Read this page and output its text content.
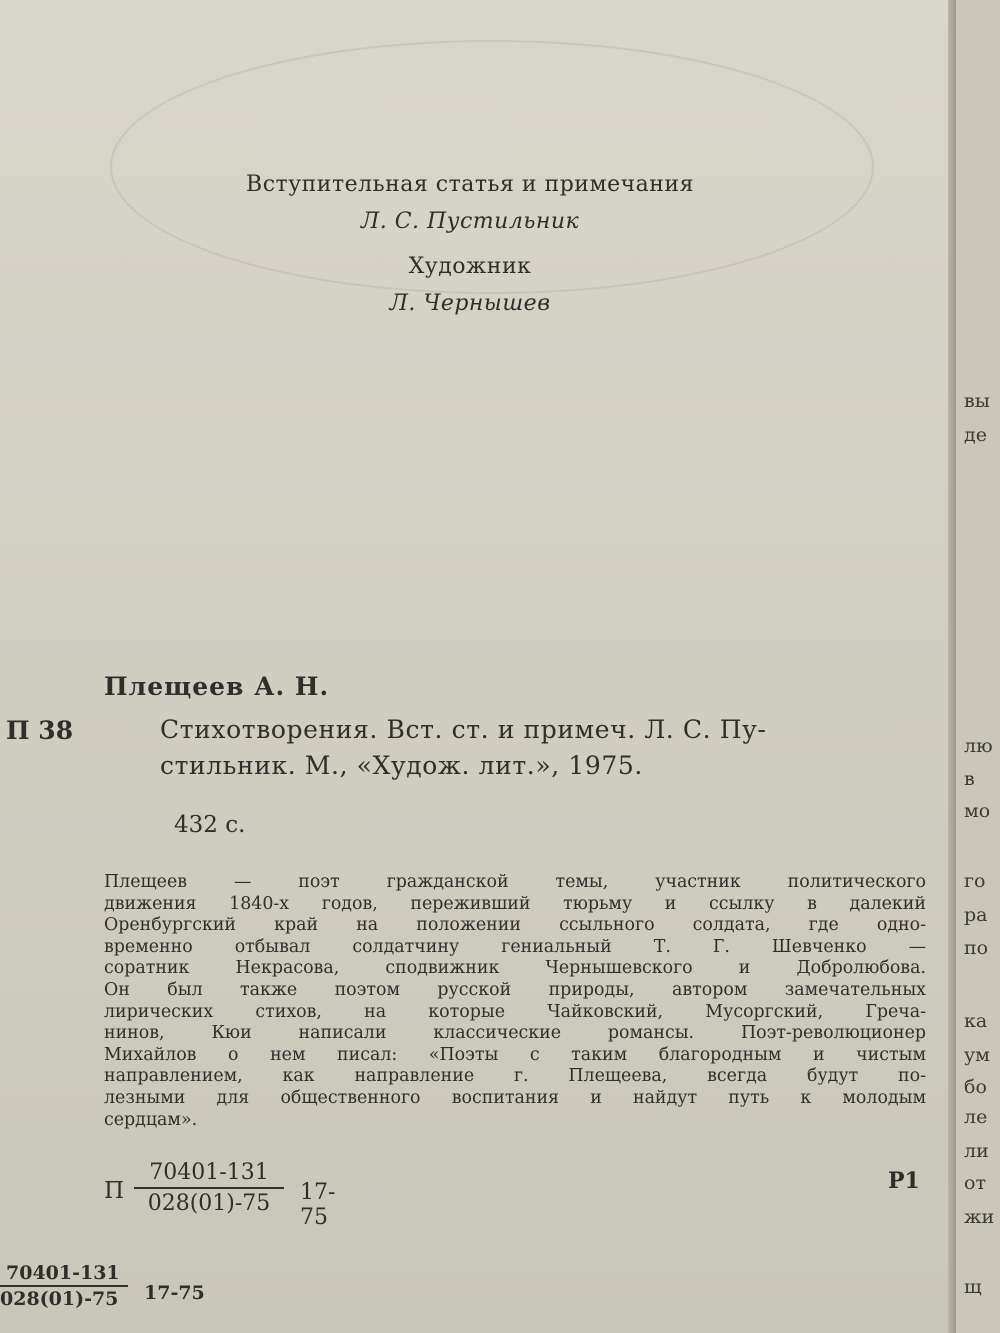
Вступительная статья и примечания

Л. С. Пустильник

Художник

Л. Чернышев

Плещеев А. Н.
П 38	Стихотворения. Вст. ст. и примеч. Л. С. Пу-
стильник. М., «Худож. лит.», 1975.
432 с.
Плещеев — поэт гражданской темы, участник политического
движения 1840-х годов, переживший тюрьму и ссылку в далекий
Оренбургский край на положении ссыльного солдата, где одно-
временно отбывал солдатчину гениальный Т. Г. Шевченко —
соратник Некрасова, сподвижник Чернышевского и Добролюбова.
Он был также поэтом русской природы, автором замечательных
лирических стихов, на которые Чайковский, Мусоргский, Греча-
нинов, Кюи написали классические романсы. Поэт-революционер
Михайлов о нем писал: «Поэты с таким благородным и чистым
направлением, как направление г. Плещеева, всегда будут по-
лезными для общественного воспитания и найдут путь к молодым
сердцам».
П $\frac{70401-131}{028(01)-75} 17-75$
Р1
$\frac{70401-131}{028(01)-75} 17-75$
вы
де
лю
в
мо
го
ра
по
ка
ум
бо
ле
ли
от
жи
щ
